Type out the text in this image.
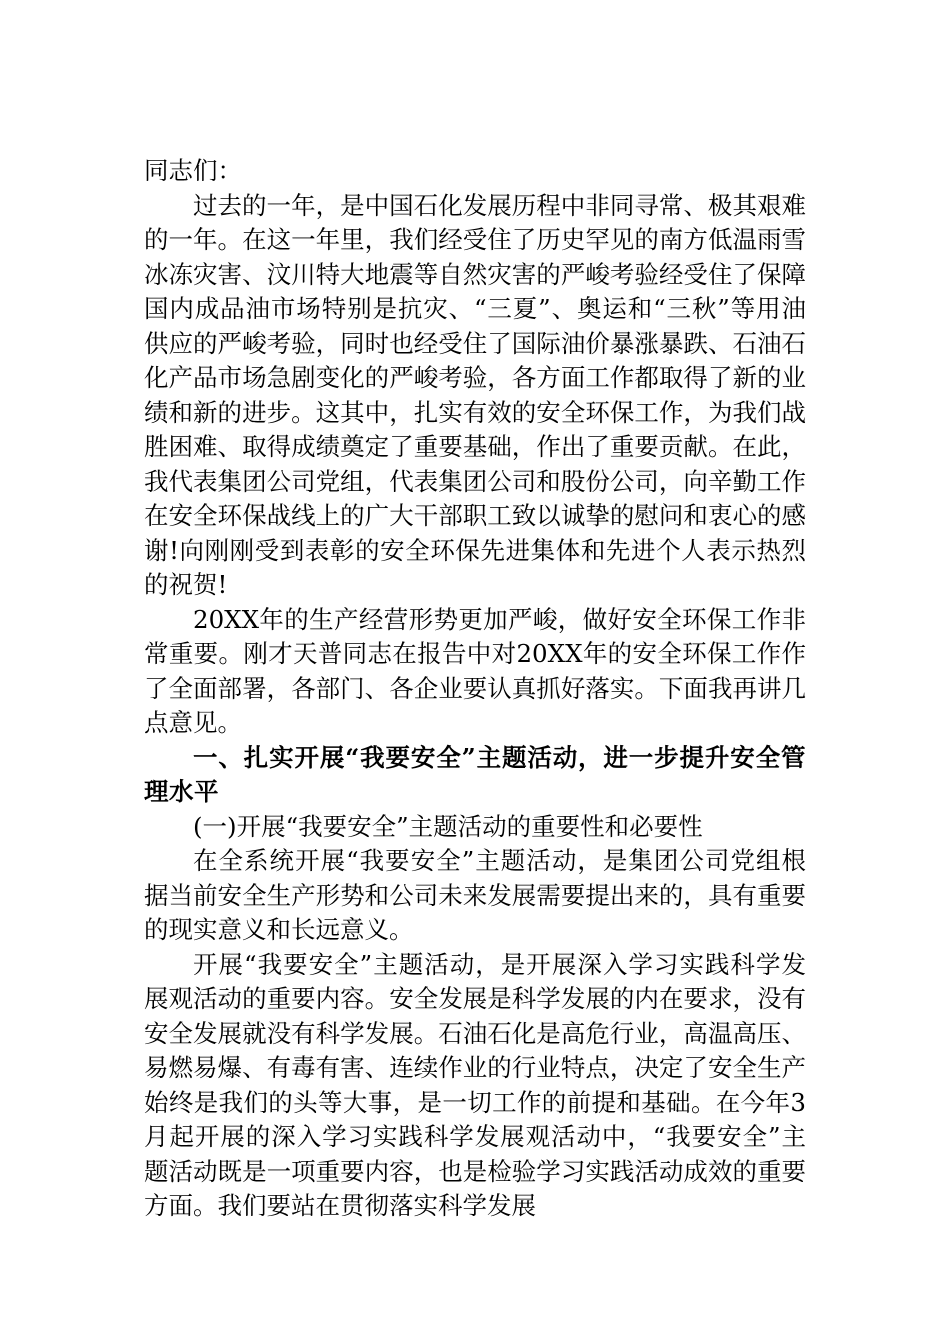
同志们：

过去的一年，是中国石化发展历程中非同寻常、极其艰难的一年。在这一年里，我们经受住了历史罕见的南方低温雨雪冰冻灾害、汶川特大地震等自然灾害的严峻考验经受住了保障国内成品油市场特别是抗灾、“三夏”、奥运和“三秋”等用油供应的严峻考验，同时也经受住了国际油价暴涨暴跌、石油石化产品市场急剧变化的严峻考验，各方面工作都取得了新的业绩和新的进步。这其中，扎实有效的安全环保工作，为我们战胜困难、取得成绩奠定了重要基础，作出了重要贡献。在此，我代表集团公司党组，代表集团公司和股份公司，向辛勤工作在安全环保战线上的广大干部职工致以诚挚的慰问和衷心的感谢!向刚刚受到表彰的安全环保先进集体和先进个人表示热烈的祝贺!

20XX年的生产经营形势更加严峻，做好安全环保工作非常重要。刚才天普同志在报告中对20XX年的安全环保工作作了全面部署，各部门、各企业要认真抓好落实。下面我再讲几点意见。

一、扎实开展“我要安全”主题活动，进一步提升安全管理水平

(一)开展“我要安全”主题活动的重要性和必要性

在全系统开展“我要安全”主题活动，是集团公司党组根据当前安全生产形势和公司未来发展需要提出来的，具有重要的现实意义和长远意义。

开展“我要安全”主题活动，是开展深入学习实践科学发展观活动的重要内容。安全发展是科学发展的内在要求，没有安全发展就没有科学发展。石油石化是高危行业，高温高压、易燃易爆、有毒有害、连续作业的行业特点，决定了安全生产始终是我们的头等大事，是一切工作的前提和基础。在今年3月起开展的深入学习实践科学发展观活动中，“我要安全”主题活动既是一项重要内容，也是检验学习实践活动成效的重要方面。我们要站在贯彻落实科学发展
